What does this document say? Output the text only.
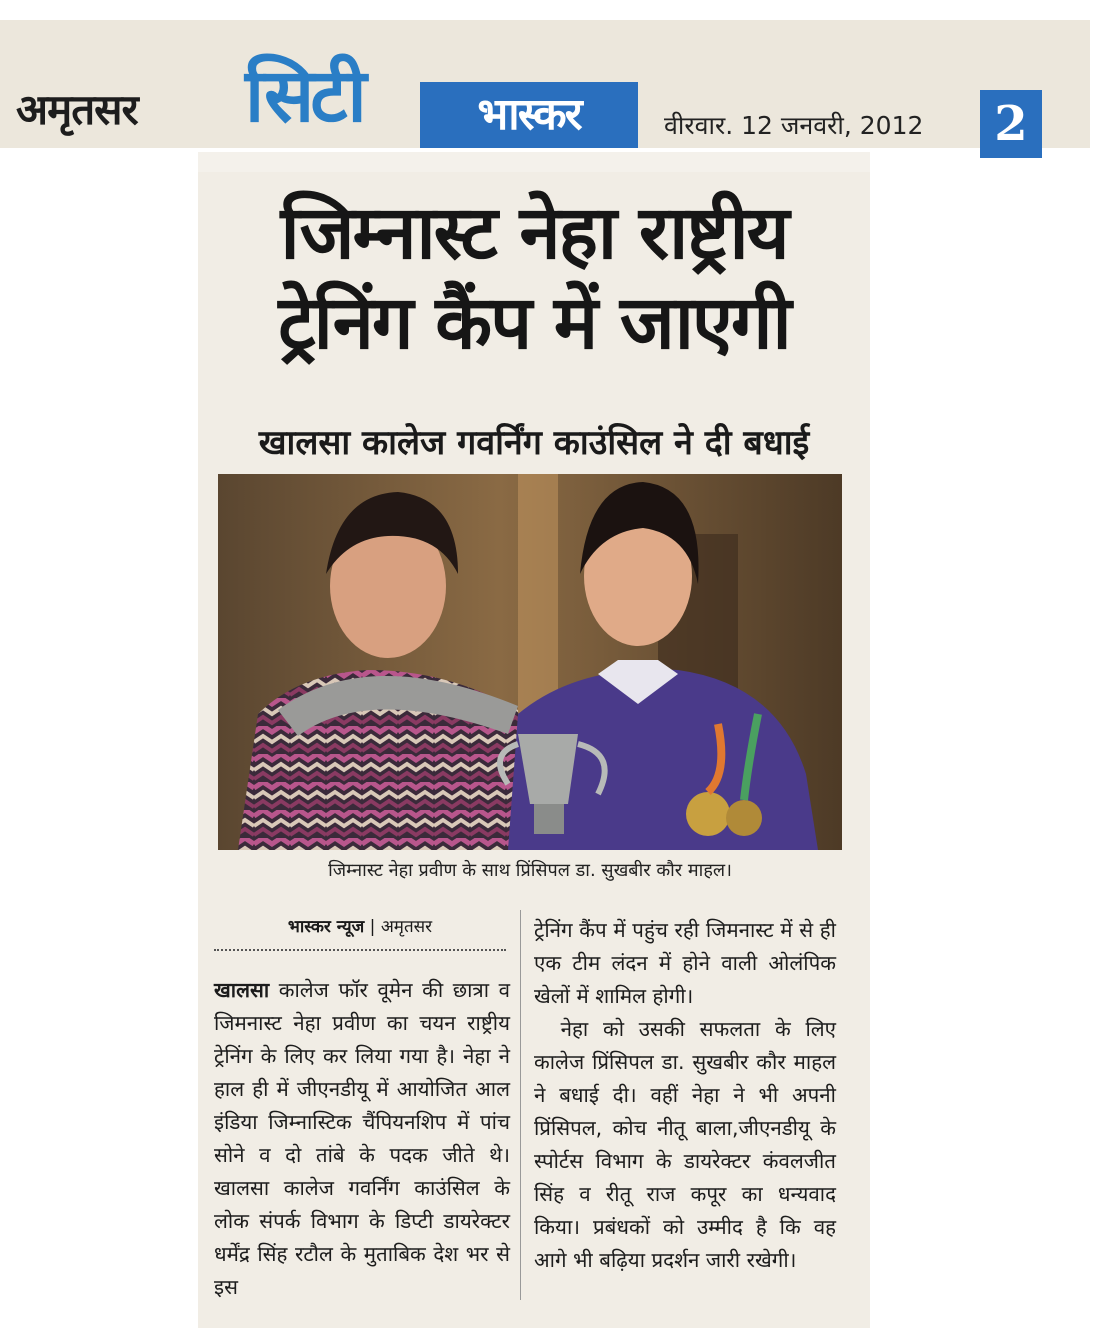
अमृतसर सिटी	भास्कर	वीरवार. 12 जनवरी, 2012 2
जिम्नास्ट नेहा राष्ट्रीय ट्रेनिंग कैंप में जाएगी
खालसा कालेज गवर्निंग काउंसिल ने दी बधाई
जिम्नास्ट नेहा प्रवीण के साथ प्रिंसिपल डा. सुखबीर कौर माहल।
भास्कर न्यूज | अमृतसर
खालसा कालेज फॉर वूमेन की छात्रा व जिमनास्ट नेहा प्रवीण का चयन राष्ट्रीय ट्रेनिंग के लिए कर लिया गया है। नेहा ने हाल ही में जीएनडीयू में आयोजित आल इंडिया जिम्नास्टिक चैंपियनशिप में पांच सोने व दो तांबे के पदक जीते थे। खालसा कालेज गवर्निंग काउंसिल के लोक संपर्क विभाग के डिप्टी डायरेक्टर धर्मेंद्र सिंह रटौल के मुताबिक देश भर से इस
ट्रेनिंग कैंप में पहुंच रही जिमनास्ट में से ही एक टीम लंदन में होने वाली ओलंपिक खेलों में शामिल होगी।
नेहा को उसकी सफलता के लिए कालेज प्रिंसिपल डा. सुखबीर कौर माहल ने बधाई दी। वहीं नेहा ने भी अपनी प्रिंसिपल, कोच नीतू बाला,जीएनडीयू के स्पोर्टस विभाग के डायरेक्टर कंवलजीत सिंह व रीतू राज कपूर का धन्यवाद किया। प्रबंधकों को उम्मीद है कि वह आगे भी बढ़िया प्रदर्शन जारी रखेगी।
